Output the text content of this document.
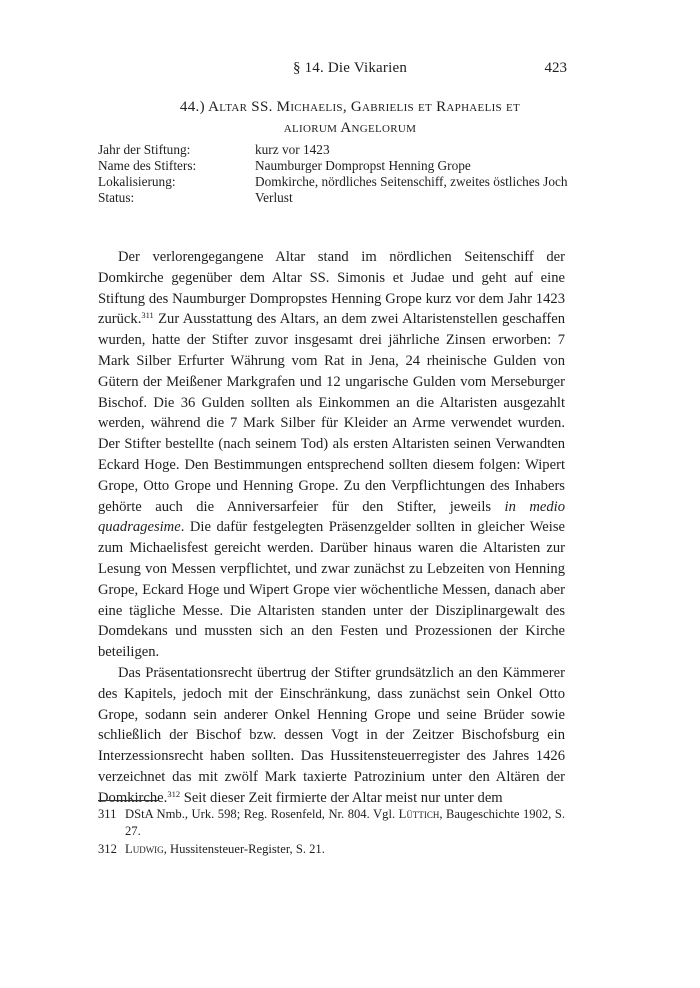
§ 14. Die Vikarien	423
44.) Altar SS. Michaelis, Gabrielis et Raphaelis et
aliorum Angelorum
Jahr der Stiftung:	kurz vor 1423
Name des Stifters:	Naumburger Dompropst Henning Grope
Lokalisierung:	Domkirche, nördliches Seitenschiff, zweites östliches Joch
Status:	Verlust

Der verlorengegangene Altar stand im nördlichen Seitenschiff der Domkirche gegenüber dem Altar SS. Simonis et Judae und geht auf eine Stiftung des Naumburger Dompropstes Henning Grope kurz vor dem Jahr 1423 zurück.$^{311}$ Zur Ausstattung des Altars, an dem zwei Altaristenstellen geschaffen wurden, hatte der Stifter zuvor insgesamt drei jährliche Zinsen erworben: 7 Mark Silber Erfurter Währung vom Rat in Jena, 24 rheinische Gulden von Gütern der Meißener Markgrafen und 12 ungarische Gulden vom Merseburger Bischof. Die 36 Gulden sollten als Einkommen an die Altaristen ausgezahlt werden, während die 7 Mark Silber für Kleider an Arme verwendet wurden. Der Stifter bestellte (nach seinem Tod) als ersten Altaristen seinen Verwandten Eckard Hoge. Den Bestimmungen entsprechend sollten diesem folgen: Wipert Grope, Otto Grope und Henning Grope. Zu den Verpflichtungen des Inhabers gehörte auch die Anniversarfeier für den Stifter, jeweils in medio quadragesime. Die dafür festgelegten Präsenzgelder sollten in gleicher Weise zum Michaelisfest gereicht werden. Darüber hinaus waren die Altaristen zur Lesung von Messen verpflichtet, und zwar zunächst zu Lebzeiten von Henning Grope, Eckard Hoge und Wipert Grope vier wöchentliche Messen, danach aber eine tägliche Messe. Die Altaristen standen unter der Disziplinargewalt des Domdekans und mussten sich an den Festen und Prozessionen der Kirche beteiligen.

Das Präsentationsrecht übertrug der Stifter grundsätzlich an den Kämmerer des Kapitels, jedoch mit der Einschränkung, dass zunächst sein Onkel Otto Grope, sodann sein anderer Onkel Henning Grope und seine Brüder sowie schließlich der Bischof bzw. dessen Vogt in der Zeitzer Bischofsburg ein Interzessionsrecht haben sollten. Das Hussitensteuerregister des Jahres 1426 verzeichnet das mit zwölf Mark taxierte Patrozinium unter den Altären der Domkirche.$^{312}$ Seit dieser Zeit firmierte der Altar meist nur unter dem

311 DStA Nmb., Urk. 598; Reg. Rosenfeld, Nr. 804. Vgl. Lüttich, Baugeschichte 1902, S. 27.
312 Ludwig, Hussitensteuer-Register, S. 21.
